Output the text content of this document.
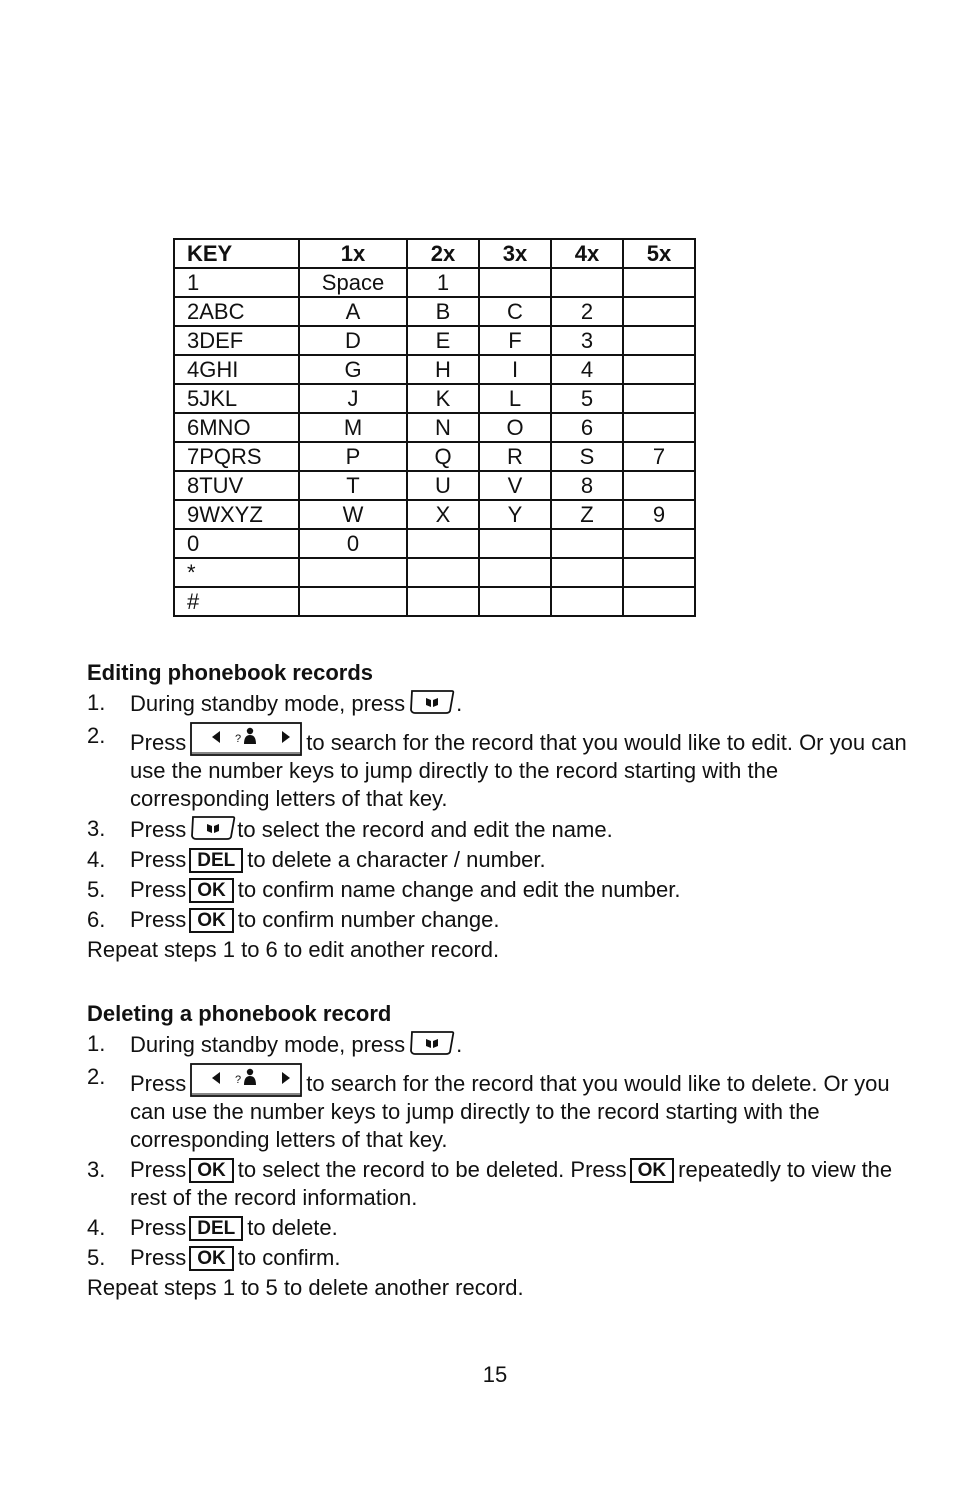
KEY	1x	2x	3x	4x	5x
1	Space	1			
2ABC	A	B	C	2	
3DEF	D	E	F	3	
4GHI	G	H	I	4	
5JKL	J	K	L	5	
6MNO	M	N	O	6	
7PQRS	P	Q	R	S	7
8TUV	T	U	V	8	
9WXYZ	W	X	Y	Z	9
0	0				
*					
#					
Editing phonebook records
1. During standby mode, press .
2. Press	to search for the record that you would like to edit. Or you can use the number keys to jump directly to the record starting with the corresponding letters of that key.
3. Press to select the record and edit the name.
4. Press DEL to delete a character / number.
5. Press OK to confirm name change and edit the number.
6. Press OK to confirm number change.
Repeat steps 1 to 6 to edit another record.
Deleting a phonebook record
1. During standby mode, press .
2. Press	to search for the record that you would like to delete. Or you can use the number keys to jump directly to the record starting with the corresponding letters of that key.
3. Press OK to select the record to be deleted. Press OK repeatedly to view the rest of the record information.
4. Press DEL to delete.
5. Press OK to confirm.
Repeat steps 1 to 5 to delete another record.
15
